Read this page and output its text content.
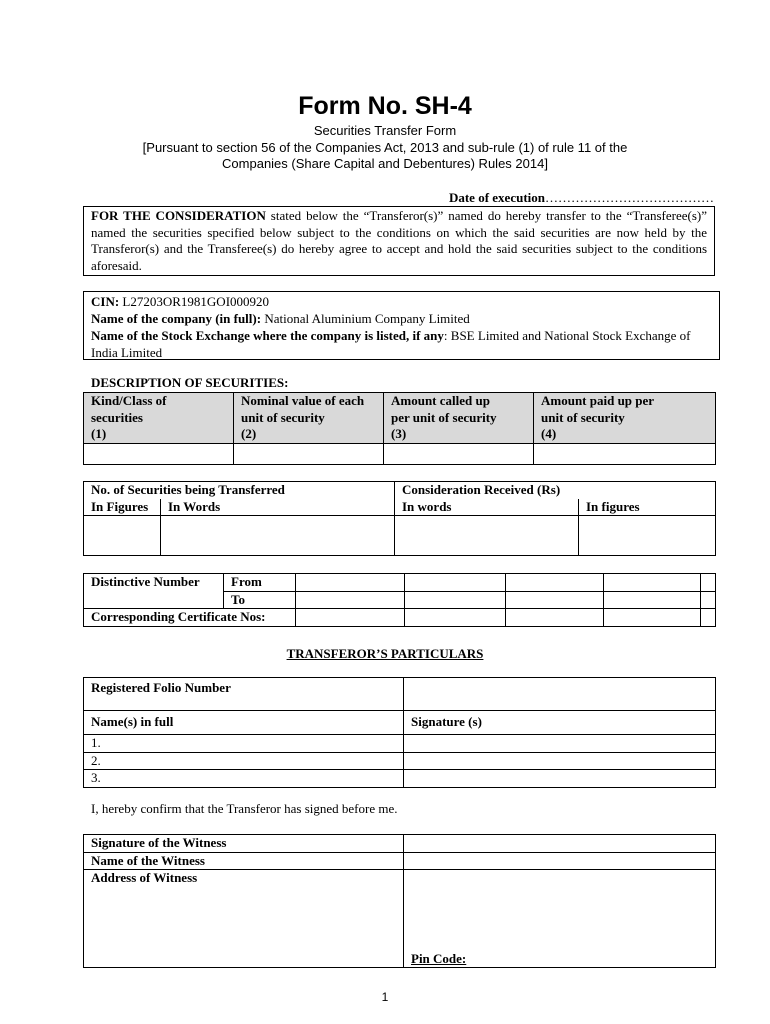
Form No. SH-4
Securities Transfer Form
[Pursuant to section 56 of the Companies Act, 2013 and sub-rule (1) of rule 11 of the
Companies (Share Capital and Debentures) Rules 2014]
Date of execution…………………………………
FOR THE CONSIDERATION stated below the “Transferor(s)” named do hereby transfer to the “Transferee(s)” named the securities specified below subject to the conditions on which the said securities are now held by the Transferor(s) and the Transferee(s) do hereby agree to accept and hold the said securities subject to the conditions aforesaid.
CIN: L27203OR1981GOI000920
Name of the company (in full): National Aluminium Company Limited
Name of the Stock Exchange where the company is listed, if any: BSE Limited and National Stock Exchange of India Limited
DESCRIPTION OF SECURITIES:
Kind/Class of
securities
(1)	Nominal value of each
unit of security
(2)	Amount called up
per unit of security
(3)	Amount paid up per
unit of security
(4)

No. of Securities being Transferred		Consideration Received (Rs)	
In Figures	In Words	In words	In figures

Distinctive Number	From					
	To					
Corresponding Certificate Nos:						
TRANSFEROR’S PARTICULARS
Registered Folio Number	
Name(s) in full	Signature (s)
1.	
2.	
3.	
I, hereby confirm that the Transferor has signed before me.
Signature of the Witness	
Name of the Witness	
Address of Witness	Pin Code:
1
